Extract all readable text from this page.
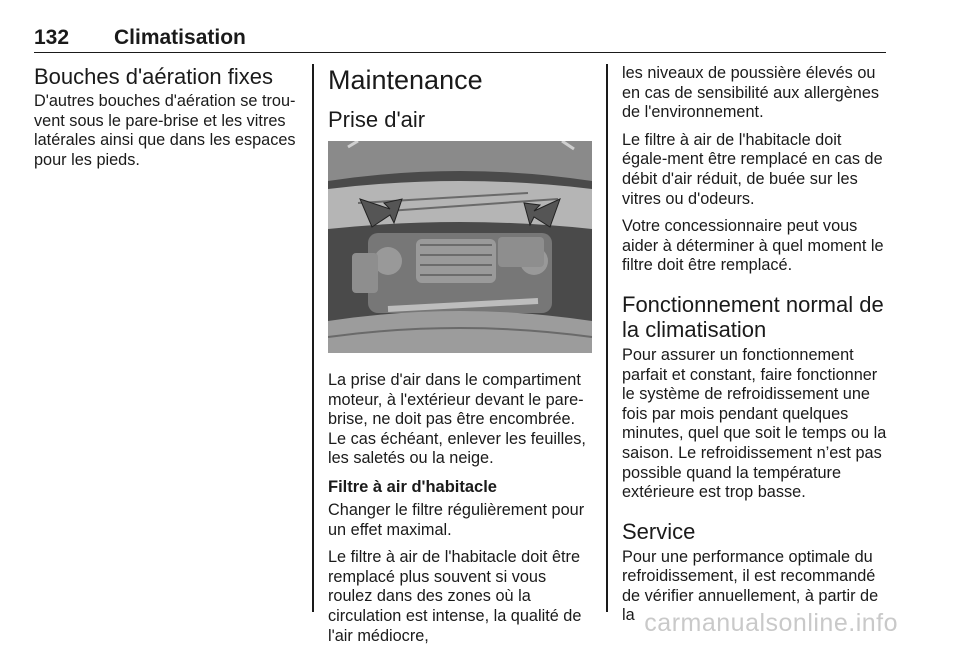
132 Climatisation
Bouches d'aération fixes

D'autres bouches d'aération se trou-vent sous le pare-brise et les vitres latérales ainsi que dans les espaces pour les pieds.

Maintenance
Prise d'air

La prise d'air dans le compartiment moteur, à l'extérieur devant le pare-brise, ne doit pas être encombrée. Le cas échéant, enlever les feuilles, les saletés ou la neige.

Filtre à air d'habitacle

Changer le filtre régulièrement pour un effet maximal.

Le filtre à air de l'habitacle doit être remplacé plus souvent si vous roulez dans des zones où la circulation est intense, la qualité de l'air médiocre,

les niveaux de poussière élevés ou en cas de sensibilité aux allergènes de l'environnement.

Le filtre à air de l'habitacle doit égale-ment être remplacé en cas de débit d'air réduit, de buée sur les vitres ou d'odeurs.

Votre concessionnaire peut vous aider à déterminer à quel moment le filtre doit être remplacé.

Fonctionnement normal de la climatisation

Pour assurer un fonctionnement parfait et constant, faire fonctionner le système de refroidissement une fois par mois pendant quelques minutes, quel que soit le temps ou la saison. Le refroidissement n’est pas possible quand la température extérieure est trop basse.

Service

Pour une performance optimale du refroidissement, il est recommandé de vérifier annuellement, à partir de la carmanualsonline.info
